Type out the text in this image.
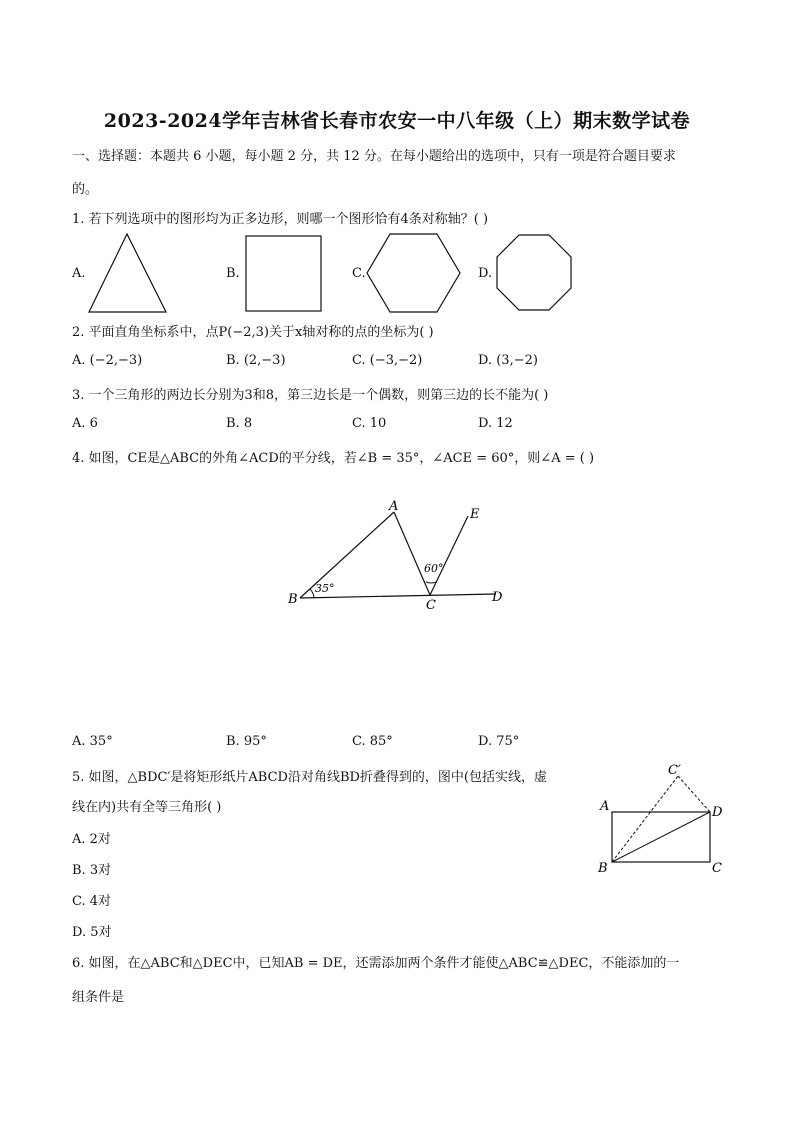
2023-2024学年吉林省长春市农安一中八年级（上）期末数学试卷
一、选择题：本题共 6 小题，每小题 2 分，共 12 分。在每小题给出的选项中，只有一项是符合题目要求
的。
1. 若下列选项中的图形均为正多边形，则哪一个图形恰有4条对称轴？( )
A.	B.	C.	D.
2. 平面直角坐标系中，点P(−2,3)关于x轴对称的点的坐标为( )
A. (−2,−3)	B. (2,−3)	C. (−3,−2)	D. (3,−2)
3. 一个三角形的两边长分别为3和8，第三边长是一个偶数，则第三边的长不能为( )
A. 6	B. 8	C. 10	D. 12
4. 如图，CE是△ABC的外角∠ACD的平分线，若∠B = 35°，∠ACE = 60°，则∠A = ( )
A
B	C
D
E
35°
60°
A. 35°	B. 95°	C. 85°	D. 75°
5. 如图，△BDC′是将矩形纸片ABCD沿对角线BD折叠得到的，图中(包括实线，虚
线在内)共有全等三角形( )
A. 2对
B. 3对
C. 4对
D. 5对
A	D
B	C
C′
6. 如图，在△ABC和△DEC中，已知AB = DE，还需添加两个条件才能使△ABC≌△DEC，不能添加的一
组条件是
